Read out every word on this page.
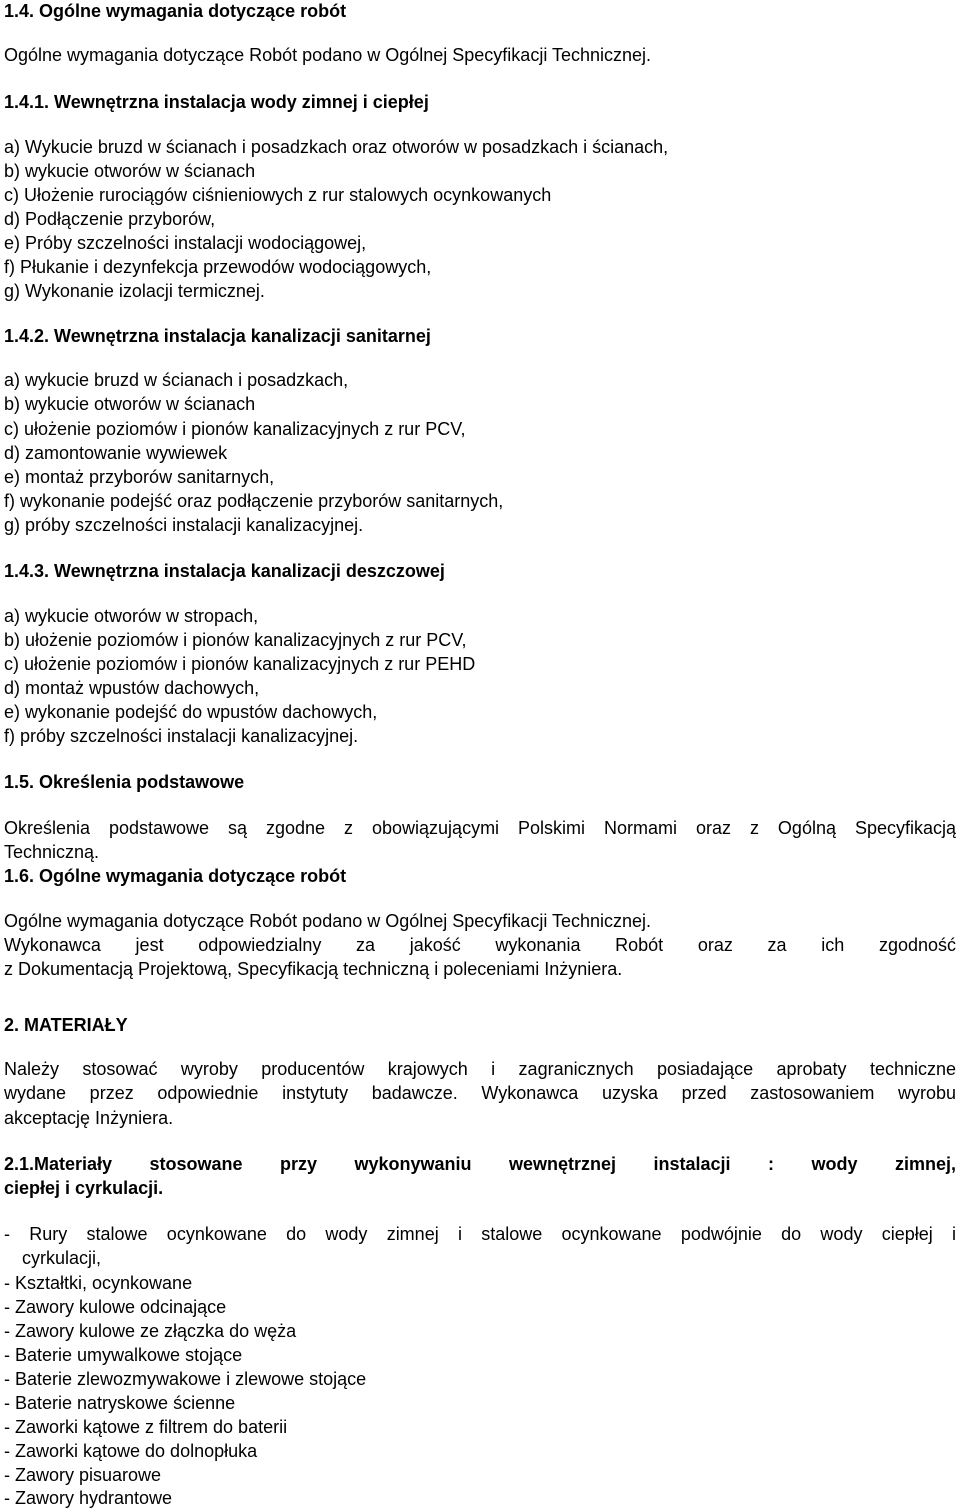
1.4. Ogólne wymagania dotyczące robót
Ogólne wymagania dotyczące Robót podano w Ogólnej Specyfikacji Technicznej.
1.4.1. Wewnętrzna instalacja wody zimnej i ciepłej
a) Wykucie bruzd w ścianach i posadzkach oraz otworów w posadzkach i ścianach,
b) wykucie otworów w ścianach
c) Ułożenie rurociągów ciśnieniowych z rur stalowych ocynkowanych
d) Podłączenie przyborów,
e) Próby szczelności instalacji wodociągowej,
f) Płukanie i dezynfekcja przewodów wodociągowych,
g) Wykonanie izolacji termicznej.
1.4.2. Wewnętrzna instalacja kanalizacji sanitarnej
a) wykucie bruzd w ścianach i posadzkach,
b) wykucie otworów w ścianach
c) ułożenie poziomów i pionów kanalizacyjnych z rur PCV,
d) zamontowanie wywiewek
e) montaż przyborów sanitarnych,
f) wykonanie podejść oraz podłączenie przyborów sanitarnych,
g) próby szczelności instalacji kanalizacyjnej.
1.4.3. Wewnętrzna instalacja kanalizacji deszczowej
a) wykucie otworów w stropach,
b) ułożenie poziomów i pionów kanalizacyjnych z rur PCV,
c) ułożenie poziomów i pionów kanalizacyjnych z rur PEHD
d) montaż wpustów dachowych,
e) wykonanie podejść do wpustów dachowych,
f) próby szczelności instalacji kanalizacyjnej.
1.5. Określenia podstawowe
Określenia podstawowe są zgodne z obowiązującymi Polskimi Normami oraz z Ogólną Specyfikacją
Techniczną.
1.6. Ogólne wymagania dotyczące robót
Ogólne wymagania dotyczące Robót podano w Ogólnej Specyfikacji Technicznej.
Wykonawca jest odpowiedzialny za jakość wykonania Robót oraz za ich zgodność
z Dokumentacją Projektową, Specyfikacją techniczną i poleceniami Inżyniera.
2. MATERIAŁY
Należy stosować wyroby producentów krajowych i zagranicznych posiadające aprobaty techniczne
wydane przez odpowiednie instytuty badawcze. Wykonawca uzyska przed zastosowaniem wyrobu
akceptację Inżyniera.
2.1.Materiały stosowane przy wykonywaniu wewnętrznej instalacji : wody zimnej,
ciepłej i cyrkulacji.
- Rury stalowe ocynkowane do wody zimnej i stalowe ocynkowane podwójnie do wody ciepłej i
cyrkulacji,
- Kształtki, ocynkowane
- Zawory kulowe odcinające
- Zawory kulowe ze złączka do węża
- Baterie umywalkowe stojące
- Baterie zlewozmywakowe i zlewowe stojące
- Baterie natryskowe ścienne
- Zaworki kątowe z filtrem do baterii
- Zaworki kątowe do dolnopłuka
- Zawory pisuarowe
- Zawory hydrantowe
